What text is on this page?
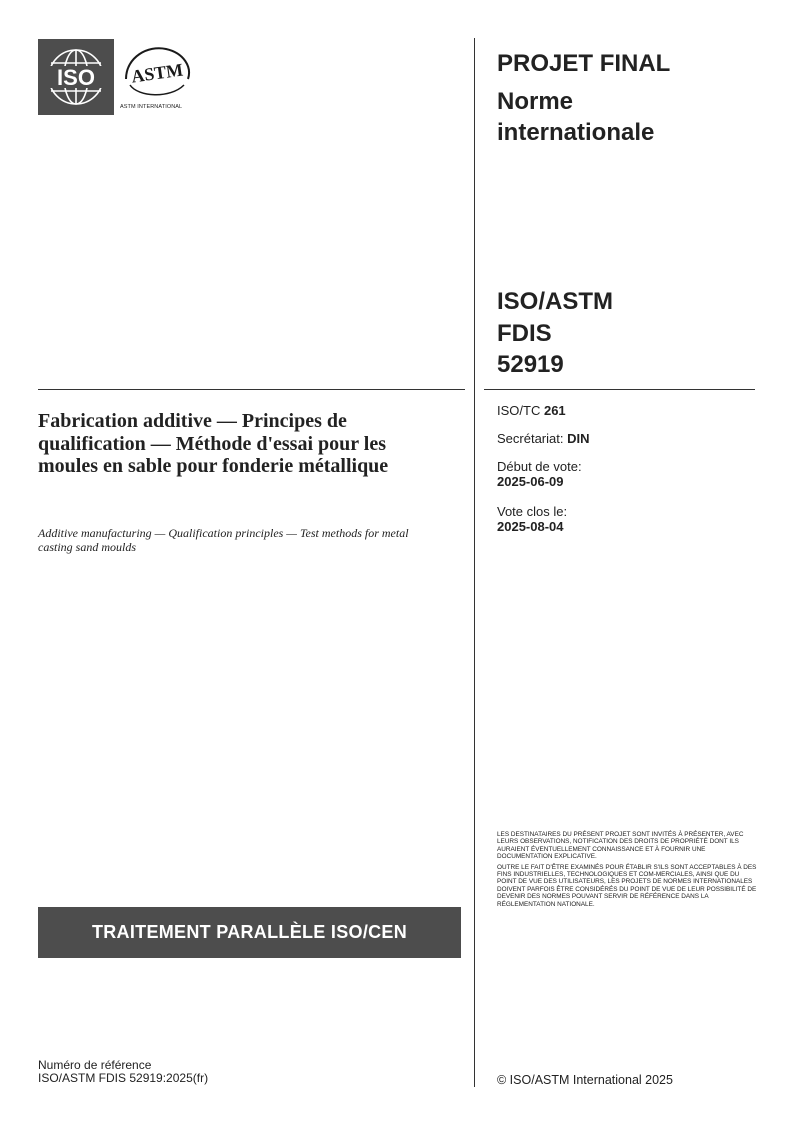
ISO ASTM
ASTM INTERNATIONAL
PROJET FINAL
Norme internationale
ISO/ASTM
FDIS
52919
ISO/TC 261
Secrétariat: DIN
Début de vote:
2025-06-09
Vote clos le:
2025-08-04
Fabrication additive — Principes de qualification — Méthode d'essai pour les moules en sable pour fonderie métallique
Additive manufacturing — Qualification principles — Test methods for metal casting sand moulds

LES DESTINATAIRES DU PRÉSENT PROJET SONT INVITÉS À PRÉSENTER, AVEC LEURS OBSERVATIONS, NOTIFICATION DES DROITS DE PROPRIÉTÉ DONT ILS AURAIENT ÉVENTUELLEMENT CONNAISSANCE ET À FOURNIR UNE DOCUMENTATION EXPLICATIVE.

OUTRE LE FAIT D'ÊTRE EXAMINÉS POUR ÉTABLIR S'ILS SONT ACCEPTABLES À DES FINS INDUSTRIELLES, TECHNOLOGIQUES ET COM-MERCIALES, AINSI QUE DU POINT DE VUE DES UTILISATEURS, LES PROJETS DE NORMES INTERNATIONALES DOIVENT PARFOIS ÊTRE CONSIDÉRÉS DU POINT DE VUE DE LEUR POSSIBILITÉ DE DEVENIR DES NORMES POUVANT SERVIR DE RÉFÉRENCE DANS LA RÉGLEMENTATION NATIONALE.

TRAITEMENT PARALLÈLE ISO/CEN
Numéro de référence
ISO/ASTM FDIS 52919:2025(fr)	© ISO/ASTM International 2025
